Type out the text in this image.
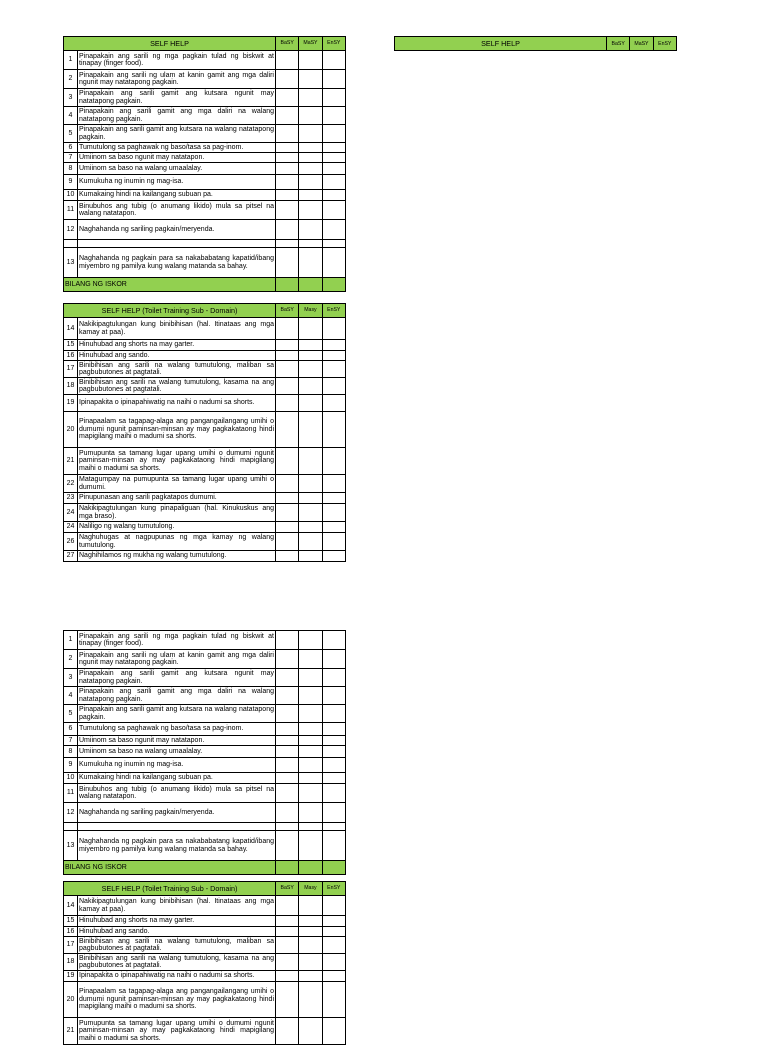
SELF HELP		BaSY	MaSY	EnSY
1	Pinapakain ang sarili ng mga pagkain tulad ng biskwit at tinapay (finger food).			
2	Pinapakain ang sarili ng ulam at kanin gamit ang mga daliri ngunit may natatapong pagkain.			
3	Pinapakain ang sarili gamit ang kutsara ngunit may natatapong pagkain.			
4	Pinapakain ang sarili gamit ang mga daliri na walang natatapong pagkain.			
5	Pinapakain ang sarili gamit ang kutsara na walang natatapong pagkain.			
6	Tumutulong sa paghawak ng baso/tasa sa pag-inom.			
7	Umiinom sa baso ngunit may natatapon.			
8	Umiinom sa baso na walang umaalalay.			
9	Kumukuha ng inumin ng mag-isa.			
10	Kumakaing hindi na kailangang subuan pa.			
11	Binubuhos ang tubig (o anumang likido) mula sa pitsel na walang natatapon.			
12	Naghahanda ng sariling pagkain/meryenda.			

13	Naghahanda ng pagkain para sa nakababatang kapatid/ibang miyembro ng pamilya kung walang matanda sa bahay.			
BILANG NG ISKOR				
SELF HELP (Toilet Training Sub - Domain)		BaSY	Masy	EnSY
14	Nakikipagtulungan kung binibihisan (hal. Itinataas ang mga kamay at paa).			
15	Hinuhubad ang shorts na may garter.			
16	Hinuhubad ang sando.			
17	Binibihisan ang sarili na walang tumutulong, maliban sa pagbubutones at pagtatali.			
18	Binibihisan ang sarili na walang tumutulong, kasama na ang pagbubutones at pagtatali.			
19	Ipinapakita o ipinapahiwatig na naihi o nadumi sa shorts.			
20	Pinapaalam sa tagapag-alaga ang pangangailangang umihi o dumumi ngunit paminsan-minsan ay may pagkakataong hindi mapigilang maihi o madumi sa shorts.			
21	Pumupunta sa tamang lugar upang umihi o dumumi ngunit paminsan-minsan ay may pagkakataong hindi mapigilang maihi o madumi sa shorts.			
22	Matagumpay na pumupunta sa tamang lugar upang umihi o dumumi.			
23	Pinupunasan ang sarili pagkatapos dumumi.			
24	Nakikipagtulungan kung pinapaliguan (hal. Kinukuskus ang mga braso).			
24	Naliligo ng walang tumutulong.			
26	Naghuhugas at nagpupunas ng mga kamay ng walang tumutulong.			
27	Naghihilamos ng mukha ng walang tumutulong.			
SELF HELP	BaSY	MaSY	EnSY
1	Pinapakain ang sarili ng mga pagkain tulad ng biskwit at tinapay (finger food).			
2	Pinapakain ang sarili ng ulam at kanin gamit ang mga daliri ngunit may natatapong pagkain.			
3	Pinapakain ang sarili gamit ang kutsara ngunit may natatapong pagkain.			
4	Pinapakain ang sarili gamit ang mga daliri na walang natatapong pagkain.			
5	Pinapakain ang sarili gamit ang kutsara na walang natatapong pagkain.			
6	Tumutulong sa paghawak ng baso/tasa sa pag-inom.			
7	Umiinom sa baso ngunit may natatapon.			
8	Umiinom sa baso na walang umaalalay.			
9	Kumukuha ng inumin ng mag-isa.			
10	Kumakaing hindi na kailangang subuan pa.			
11	Binubuhos ang tubig (o anumang likido) mula sa pitsel na walang natatapon.			
12	Naghahanda ng sariling pagkain/meryenda.			

13	Naghahanda ng pagkain para sa nakababatang kapatid/ibang miyembro ng pamilya kung walang matanda sa bahay.			
BILANG NG ISKOR				
SELF HELP (Toilet Training Sub - Domain)		BaSY	Masy	EnSY
14	Nakikipagtulungan kung binibihisan (hal. Itinataas ang mga kamay at paa).			
15	Hinuhubad ang shorts na may garter.			
16	Hinuhubad ang sando.			
17	Binibihisan ang sarili na walang tumutulong, maliban sa pagbubutones at pagtatali.			
18	Binibihisan ang sarili na walang tumutulong, kasama na ang pagbubutones at pagtatali.			
19	Ipinapakita o ipinapahiwatig na naihi o nadumi sa shorts.			
20	Pinapaalam sa tagapag-alaga ang pangangailangang umihi o dumumi ngunit paminsan-minsan ay may pagkakataong hindi mapigilang maihi o madumi sa shorts.			
21	Pumupunta sa tamang lugar upang umihi o dumumi ngunit paminsan-minsan ay may pagkakataong hindi mapigilang maihi o madumi sa shorts.			
